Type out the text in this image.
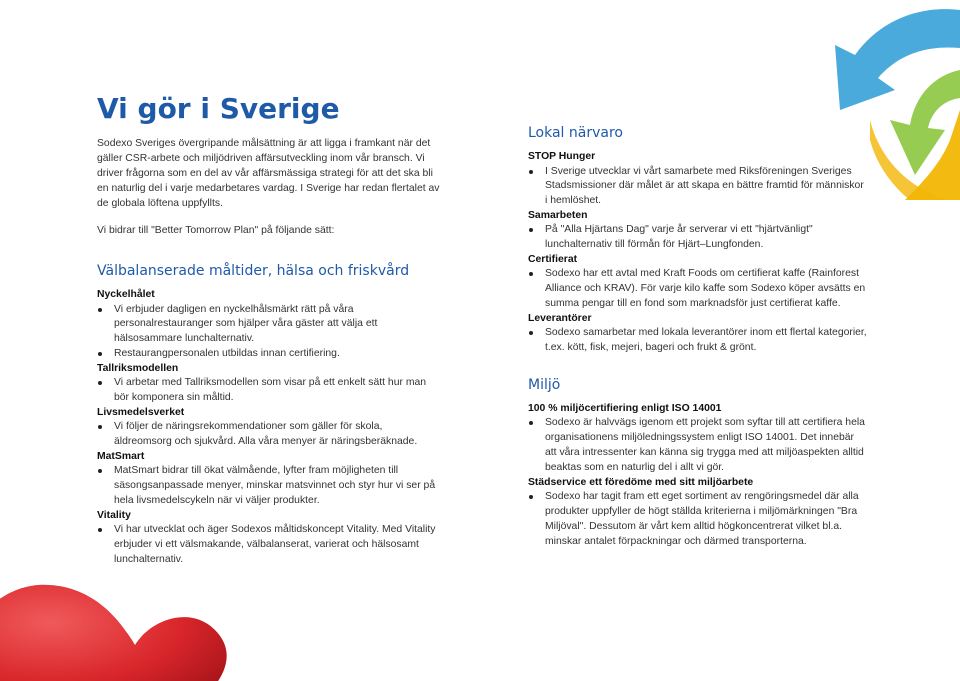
Vi gör i Sverige

Sodexo Sveriges övergripande målsättning är att ligga i framkant när det gäller CSR-arbete och miljödriven affärsutveckling inom vår bransch. Vi driver frågorna som en del av vår affärsmässiga strategi för att det ska bli en naturlig del i varje medarbetares vardag. I Sverige har redan flertalet av de globala löftena uppfyllts.

Vi bidrar till "Better Tomorrow Plan" på följande sätt:

Välbalanserade måltider, hälsa och friskvård

Nyckelhålet

Vi erbjuder dagligen en nyckelhålsmärkt rätt på våra personalrestauranger som hjälper våra gäster att välja ett hälsosammare lunchalternativ.
Restaurangpersonalen utbildas innan certifiering.

Tallriksmodellen

Vi arbetar med Tallriksmodellen som visar på ett enkelt sätt hur man bör komponera sin måltid.

Livsmedelsverket

Vi följer de näringsrekommendationer som gäller för skola, äldreomsorg och sjukvård. Alla våra menyer är näringsberäknade.

MatSmart

MatSmart bidrar till ökat välmående, lyfter fram möjligheten till säsongsanpassade menyer, minskar matsvinnet och styr hur vi ser på hela livsmedelscykeln när vi väljer produkter.

Vitality

Vi har utvecklat och äger Sodexos måltidskoncept Vitality. Med Vitality erbjuder vi ett välsmakande, välbalanserat, varierat och hälsosamt lunchalternativ.
Lokal närvaro

STOP Hunger

I Sverige utvecklar vi vårt samarbete med Riksföreningen Sveriges Stadsmissioner där målet är att skapa en bättre framtid för människor i hemlöshet.

Samarbeten

På "Alla Hjärtans Dag" varje år serverar vi ett "hjärtvänligt" lunchalternativ till förmån för Hjärt–Lungfonden.

Certifierat

Sodexo har ett avtal med Kraft Foods om certifierat kaffe (Rainforest Alliance och KRAV). För varje kilo kaffe som Sodexo köper avsätts en summa pengar till en fond som marknadsför just certifierat kaffe.

Leverantörer

Sodexo samarbetar med lokala leverantörer inom ett flertal kategorier, t.ex. kött, fisk, mejeri, bageri och frukt & grönt.
Miljö

100 % miljöcertifiering enligt ISO 14001

Sodexo är halvvägs igenom ett projekt som syftar till att certifiera hela organisationens miljöledningssystem enligt ISO 14001. Det innebär att våra intressenter kan känna sig trygga med att miljöaspekten alltid beaktas som en naturlig del i allt vi gör.

Städservice ett föredöme med sitt miljöarbete

Sodexo har tagit fram ett eget sortiment av rengöringsmedel där alla produkter uppfyller de högt ställda kriterierna i miljömärkningen "Bra Miljöval". Dessutom är vårt kem alltid högkoncentrerat vilket bl.a. minskar antalet förpackningar och därmed transporterna.
